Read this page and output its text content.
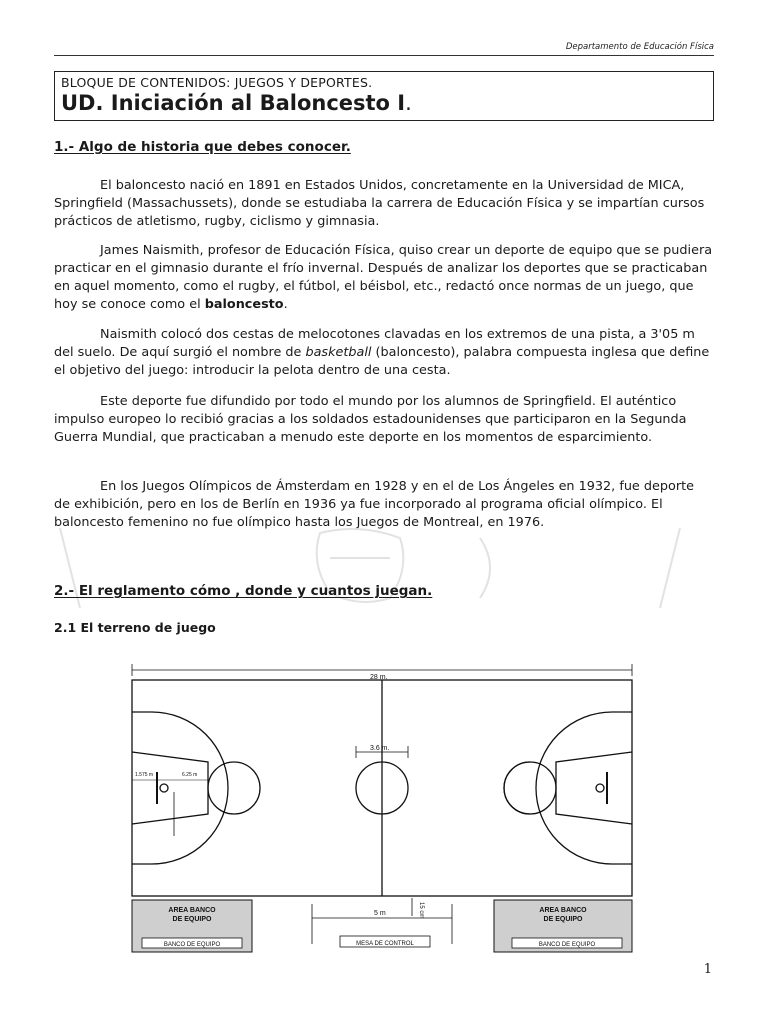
Departamento de Educación Física
BLOQUE DE CONTENIDOS: JUEGOS Y DEPORTES.
UD. Iniciación al Baloncesto I.
1.- Algo de historia que debes conocer.

El baloncesto nació en 1891 en Estados Unidos, concretamente en la Universidad de MICA, Springfield (Massachussets), donde se estudiaba la carrera de Educación Física y se impartían cursos prácticos de atletismo, rugby, ciclismo y gimnasia.

James Naismith, profesor de Educación Física, quiso crear un deporte de equipo que se pudiera practicar en el gimnasio durante el frío invernal. Después de analizar los deportes que se practicaban en aquel momento, como el rugby, el fútbol, el béisbol, etc., redactó once normas de un juego, que hoy se conoce como el baloncesto.

Naismith colocó dos cestas de melocotones clavadas en los extremos de una pista, a 3'05 m del suelo. De aquí surgió el nombre de basketball (baloncesto), palabra compuesta inglesa que define el objetivo del juego: introducir la pelota dentro de una cesta.

Este deporte fue difundido por todo el mundo por los alumnos de Springfield. El auténtico impulso europeo lo recibió gracias a los soldados estadounidenses que participaron en la Segunda Guerra Mundial, que practicaban a menudo este deporte en los momentos de esparcimiento.

En los Juegos Olímpicos de Ámsterdam en 1928 y en el de Los Ángeles en 1932, fue deporte de exhibición, pero en los de Berlín en 1936 ya fue incorporado al programa oficial olímpico. El baloncesto femenino no fue olímpico hasta los Juegos de Montreal, en 1976.

2.- El reglamento cómo , donde y cuantos juegan.
2.1 El terreno de juego
28 m.
3.6 m.
1.575 m	6.25 m
AREA BANCO
DE EQUIPO
AREA BANCO
DE EQUIPO
BANCO DE EQUIPO	BANCO DE EQUIPO
5 m	15 cm
MESA DE CONTROL
1
